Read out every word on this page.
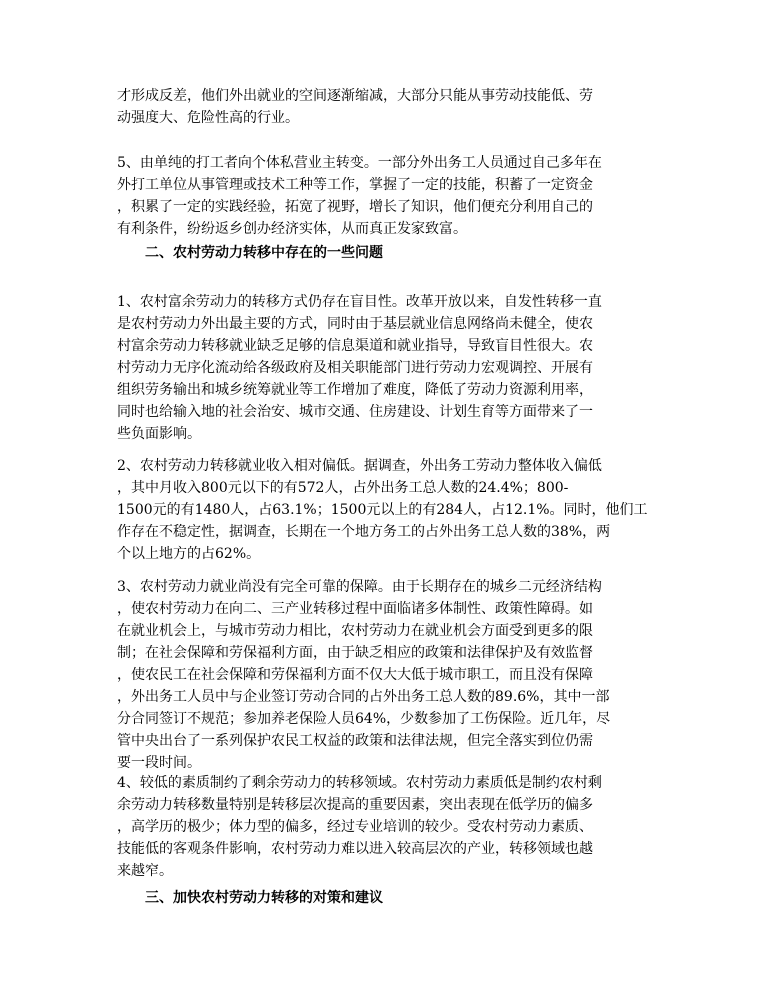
才形成反差，他们外出就业的空间逐渐缩减，大部分只能从事劳动技能低、劳
动强度大、危险性高的行业。
5、由单纯的打工者向个体私营业主转变。一部分外出务工人员通过自己多年在
外打工单位从事管理或技术工种等工作，掌握了一定的技能，积蓄了一定资金
，积累了一定的实践经验，拓宽了视野，增长了知识，他们便充分利用自己的
有利条件，纷纷返乡创办经济实体，从而真正发家致富。
二、农村劳动力转移中存在的一些问题
1、农村富余劳动力的转移方式仍存在盲目性。改革开放以来，自发性转移一直
是农村劳动力外出最主要的方式，同时由于基层就业信息网络尚未健全，使农
村富余劳动力转移就业缺乏足够的信息渠道和就业指导，导致盲目性很大。农
村劳动力无序化流动给各级政府及相关职能部门进行劳动力宏观调控、开展有
组织劳务输出和城乡统筹就业等工作增加了难度，降低了劳动力资源利用率，
同时也给输入地的社会治安、城市交通、住房建设、计划生育等方面带来了一
些负面影响。
2、农村劳动力转移就业收入相对偏低。据调查，外出务工劳动力整体收入偏低
，其中月收入800元以下的有572人，占外出务工总人数的24.4%；800-
1500元的有1480人，占63.1%；1500元以上的有284人，占12.1%。同时，他们工
作存在不稳定性，据调查，长期在一个地方务工的占外出务工总人数的38%，两
个以上地方的占62%。
3、农村劳动力就业尚没有完全可靠的保障。由于长期存在的城乡二元经济结构
，使农村劳动力在向二、三产业转移过程中面临诸多体制性、政策性障碍。如
在就业机会上，与城市劳动力相比，农村劳动力在就业机会方面受到更多的限
制；在社会保障和劳保福利方面，由于缺乏相应的政策和法律保护及有效监督
，使农民工在社会保障和劳保福利方面不仅大大低于城市职工，而且没有保障
，外出务工人员中与企业签订劳动合同的占外出务工总人数的89.6%，其中一部
分合同签订不规范；参加养老保险人员64%，少数参加了工伤保险。近几年，尽
管中央出台了一系列保护农民工权益的政策和法律法规，但完全落实到位仍需
要一段时间。
4、较低的素质制约了剩余劳动力的转移领域。农村劳动力素质低是制约农村剩
余劳动力转移数量特别是转移层次提高的重要因素，突出表现在低学历的偏多
，高学历的极少；体力型的偏多，经过专业培训的较少。受农村劳动力素质、
技能低的客观条件影响，农村劳动力难以进入较高层次的产业，转移领域也越
来越窄。
三、加快农村劳动力转移的对策和建议
